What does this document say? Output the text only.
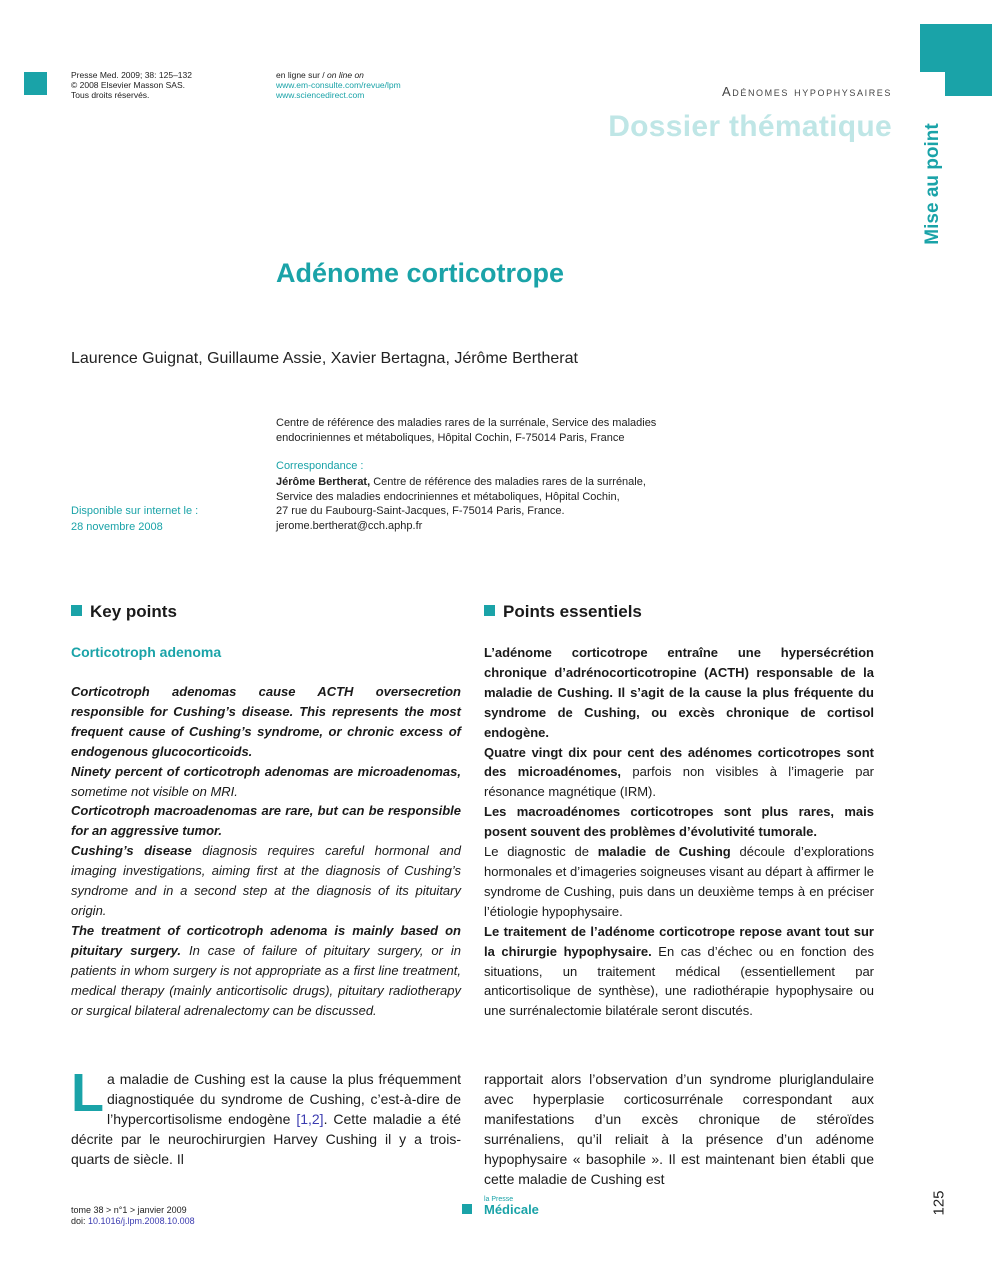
Presse Med. 2009; 38: 125–132
© 2008 Elsevier Masson SAS.
Tous droits réservés.
en ligne sur / on line on
www.em-consulte.com/revue/lpm
www.sciencedirect.com	Adénomes hypophysaires
Dossier thématique Mise au point
Adénome corticotrope
Laurence Guignat, Guillaume Assie, Xavier Bertagna, Jérôme Bertherat
Centre de référence des maladies rares de la surrénale, Service des maladies
endocriniennes et métaboliques, Hôpital Cochin, F-75014 Paris, France
Correspondance :
Jérôme Bertherat, Centre de référence des maladies rares de la surrénale,
Service des maladies endocriniennes et métaboliques, Hôpital Cochin,
27 rue du Faubourg-Saint-Jacques, F-75014 Paris, France.
jerome.bertherat@cch.aphp.fr
Disponible sur internet le :
28 novembre 2008
Key points
Corticotroph adenoma

Corticotroph adenomas cause ACTH oversecretion responsible for Cushing’s disease. This represents the most frequent cause of Cushing’s syndrome, or chronic excess of endogenous glucocorticoids.

Ninety percent of corticotroph adenomas are microadenomas, sometime not visible on MRI.

Corticotroph macroadenomas are rare, but can be responsible for an aggressive tumor.

Cushing’s disease diagnosis requires careful hormonal and imaging investigations, aiming first at the diagnosis of Cushing’s syndrome and in a second step at the diagnosis of its pituitary origin.

The treatment of corticotroph adenoma is mainly based on pituitary surgery. In case of failure of pituitary surgery, or in patients in whom surgery is not appropriate as a first line treatment, medical therapy (mainly anticortisolic drugs), pituitary radiotherapy or surgical bilateral adrenalectomy can be discussed.

Points essentiels

L’adénome corticotrope entraîne une hypersécrétion chronique d’adrénocorticotropine (ACTH) responsable de la maladie de Cushing. Il s’agit de la cause la plus fréquente du syndrome de Cushing, ou excès chronique de cortisol endogène.

Quatre vingt dix pour cent des adénomes corticotropes sont des microadénomes, parfois non visibles à l’imagerie par résonance magnétique (IRM).

Les macroadénomes corticotropes sont plus rares, mais posent souvent des problèmes d’évolutivité tumorale.

Le diagnostic de maladie de Cushing découle d’explorations hormonales et d’imageries soigneuses visant au départ à affirmer le syndrome de Cushing, puis dans un deuxième temps à en préciser l’étiologie hypophysaire.

Le traitement de l’adénome corticotrope repose avant tout sur la chirurgie hypophysaire. En cas d’échec ou en fonction des situations, un traitement médical (essentiellement par anticortisolique de synthèse), une radiothérapie hypophysaire ou une surrénalectomie bilatérale seront discutés.

La maladie de Cushing est la cause la plus fréquemment diagnostiquée du syndrome de Cushing, c’est-à-dire de l’hypercortisolisme endogène [1,2]. Cette maladie a été décrite par le neurochirurgien Harvey Cushing il y a trois-quarts de siècle. Il
rapportait alors l’observation d’un syndrome pluriglandulaire avec hyperplasie corticosurrénale correspondant aux manifestations d’un excès chronique de stéroïdes surrénaliens, qu’il reliait à la présence d’un adénome hypophysaire « basophile ». Il est maintenant bien établi que cette maladie de Cushing est
tome 38 > n°1 > janvier 2009
doi: 10.1016/j.lpm.2008.10.008
la Presse
Médicale	125
